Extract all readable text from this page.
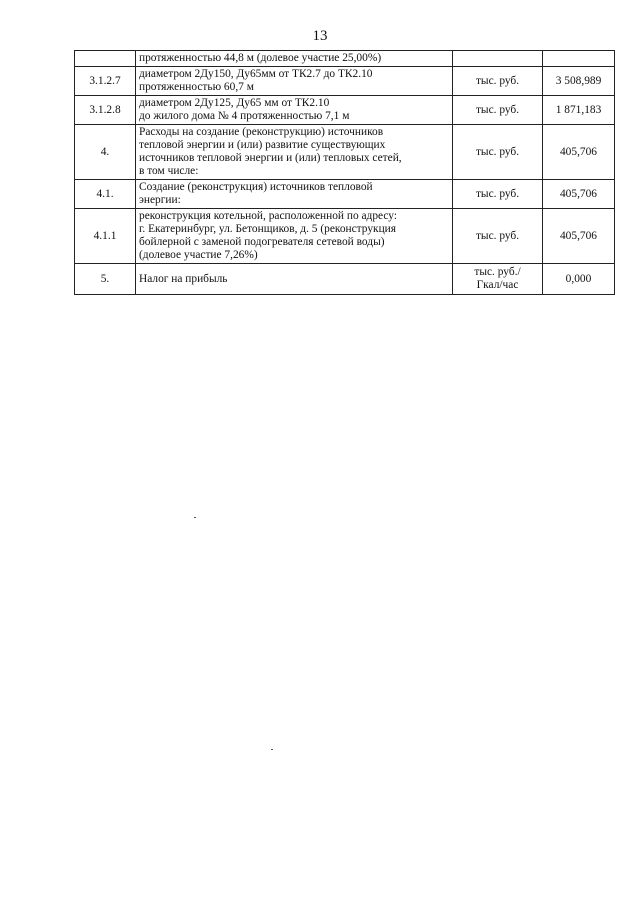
13
	протяженностью 44,8 м (долевое участие 25,00%)		
3.1.2.7	диаметром 2Ду150, Ду65мм от ТК2.7 до ТК2.10
протяженностью 60,7 м	тыс. руб.	3 508,989
3.1.2.8	диаметром 2Ду125, Ду65 мм от ТК2.10
до жилого дома № 4 протяженностью 7,1 м	тыс. руб.	1 871,183
4.	Расходы на создание (реконструкцию) источников
тепловой энергии и (или) развитие существующих
источников тепловой энергии и (или) тепловых сетей,
в том числе:	тыс. руб.	405,706
4.1.	Создание (реконструкция) источников тепловой
энергии:	тыс. руб.	405,706
4.1.1	реконструкция котельной, расположенной по адресу:
г. Екатеринбург, ул. Бетонщиков, д. 5 (реконструкция
бойлерной с заменой подогревателя сетевой воды)
(долевое участие 7,26%)	тыс. руб.	405,706
5.	Налог на прибыль	тыс. руб./
Гкал/час	0,000
